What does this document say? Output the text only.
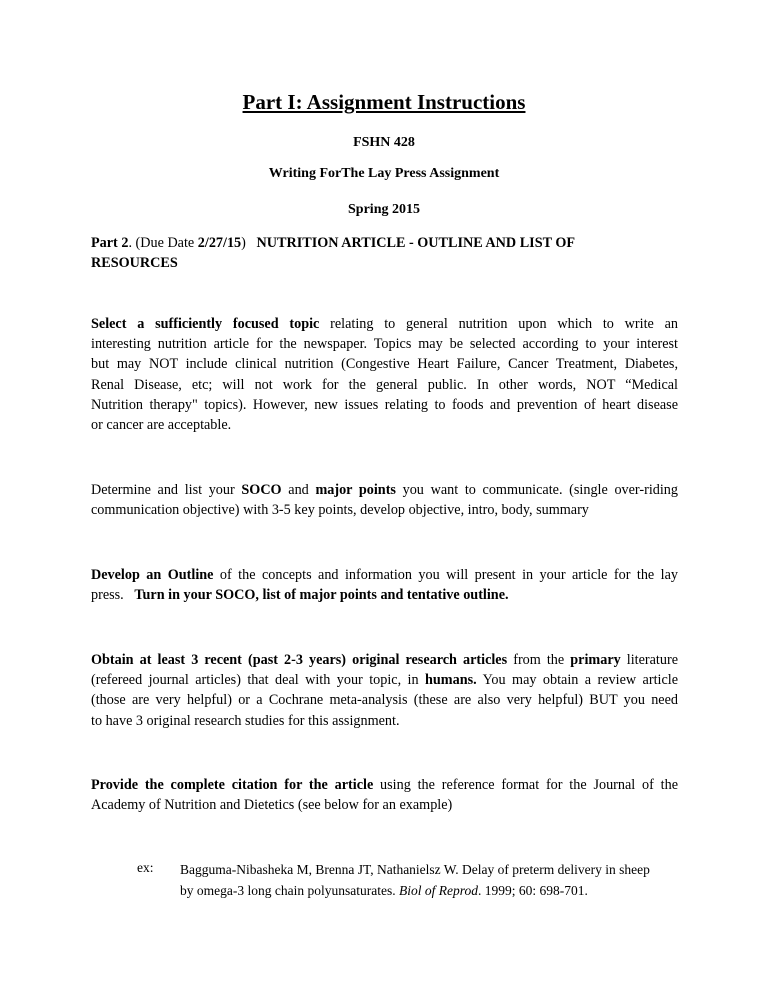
Part I: Assignment Instructions
FSHN 428
Writing ForThe Lay Press Assignment
Spring 2015
Part 2. (Due Date 2/27/15) NUTRITION ARTICLE - OUTLINE AND LIST OF
RESOURCES
Select a sufficiently focused topic relating to general nutrition upon which to write an
interesting nutrition article for the newspaper. Topics may be selected according to your interest
but may NOT include clinical nutrition (Congestive Heart Failure, Cancer Treatment, Diabetes,
Renal Disease, etc; will not work for the general public. In other words, NOT “Medical
Nutrition therapy" topics). However, new issues relating to foods and prevention of heart disease
or cancer are acceptable.
Determine and list your SOCO and major points you want to communicate. (single over-riding
communication objective) with 3-5 key points, develop objective, intro, body, summary
Develop an Outline of the concepts and information you will present in your article for the lay
press.   Turn in your SOCO, list of major points and tentative outline.
Obtain at least 3 recent (past 2-3 years) original research articles from the primary literature
(refereed journal articles) that deal with your topic, in humans. You may obtain a review article
(those are very helpful) or a Cochrane meta-analysis (these are also very helpful) BUT you need
to have 3 original research studies for this assignment.
Provide the complete citation for the article using the reference format for the Journal of the
Academy of Nutrition and Dietetics (see below for an example)
ex: Bagguma-Nibasheka M, Brenna JT, Nathanielsz W. Delay of preterm delivery in sheep
by omega-3 long chain polyunsaturates. Biol of Reprod. 1999; 60: 698-701.
